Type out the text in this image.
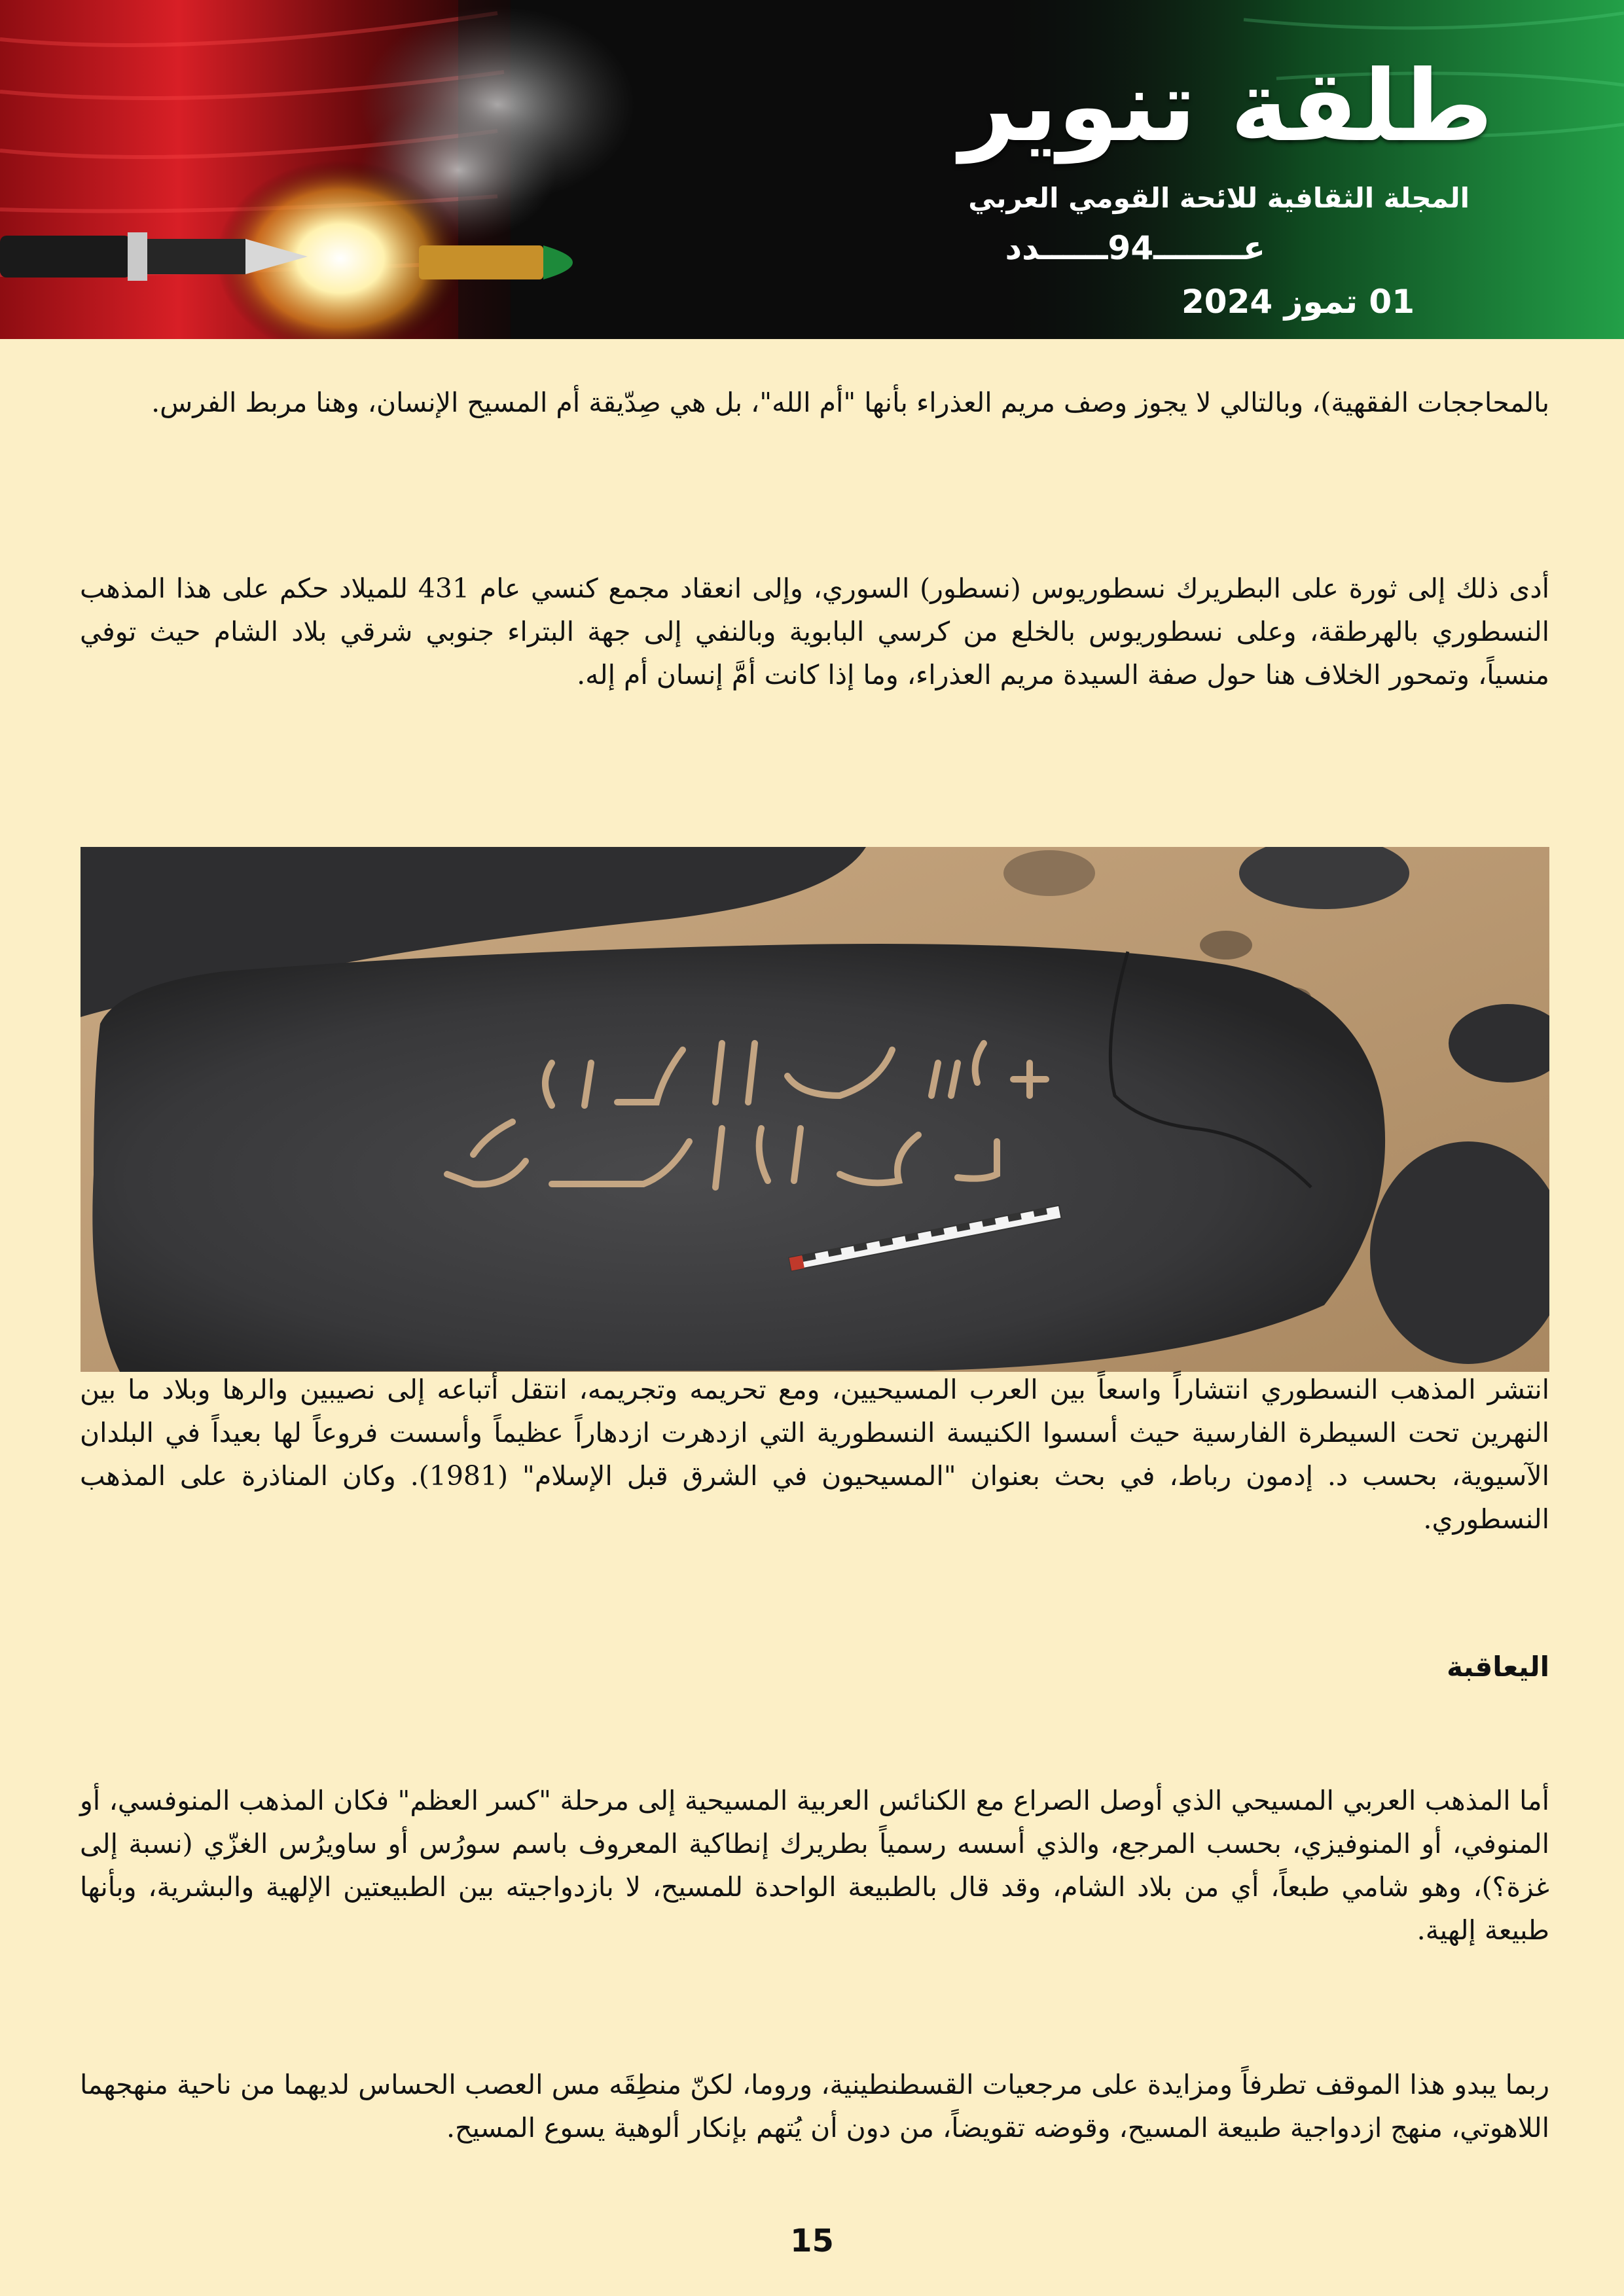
طلقة تنوير
المجلة الثقافية للائحة القومي العربي
عــــــــ94ــــــدد
01 تموز 2024

بالمحاججات الفقهية)، وبالتالي لا يجوز وصف مريم العذراء بأنها "أم الله"، بل هي صِدّيقة أم المسيح الإنسان، وهنا مربط الفرس.

أدى ذلك إلى ثورة على البطريرك نسطوريوس (نسطور) السوري، وإلى انعقاد مجمع كنسي عام 431 للميلاد حكم على هذا المذهب النسطوري بالهرطقة، وعلى نسطوريوس بالخلع من كرسي البابوية وبالنفي إلى جهة البتراء جنوبي شرقي بلاد الشام حيث توفي منسياً، وتمحور الخلاف هنا حول صفة السيدة مريم العذراء، وما إذا كانت أمَّ إنسان أم إله.

انتشر المذهب النسطوري انتشاراً واسعاً بين العرب المسيحيين، ومع تحريمه وتجريمه، انتقل أتباعه إلى نصيبين والرها وبلاد ما بين النهرين تحت السيطرة الفارسية حيث أسسوا الكنيسة النسطورية التي ازدهرت ازدهاراً عظيماً وأسست فروعاً لها بعيداً في البلدان الآسيوية، بحسب د. إدمون رباط، في بحث بعنوان "المسيحيون في الشرق قبل الإسلام" (1981). وكان المناذرة على المذهب النسطوري.

اليعاقبة

أما المذهب العربي المسيحي الذي أوصل الصراع مع الكنائس العربية المسيحية إلى مرحلة "كسر العظم" فكان المذهب المنوفسي، أو المنوفي، أو المنوفيزي، بحسب المرجع، والذي أسسه رسمياً بطريرك إنطاكية المعروف باسم سورُس أو ساويرُس الغزّي (نسبة إلى غزة؟)، وهو شامي طبعاً، أي من بلاد الشام، وقد قال بالطبيعة الواحدة للمسيح، لا بازدواجيته بين الطبيعتين الإلهية والبشرية، وبأنها طبيعة إلهية.

ربما يبدو هذا الموقف تطرفاً ومزايدة على مرجعيات القسطنطينية، وروما، لكنّ منطِقَه مس العصب الحساس لديهما من ناحية منهجهما اللاهوتي، منهج ازدواجية طبيعة المسيح، وقوضه تقويضاً، من دون أن يُتهم بإنكار ألوهية يسوع المسيح.

15
